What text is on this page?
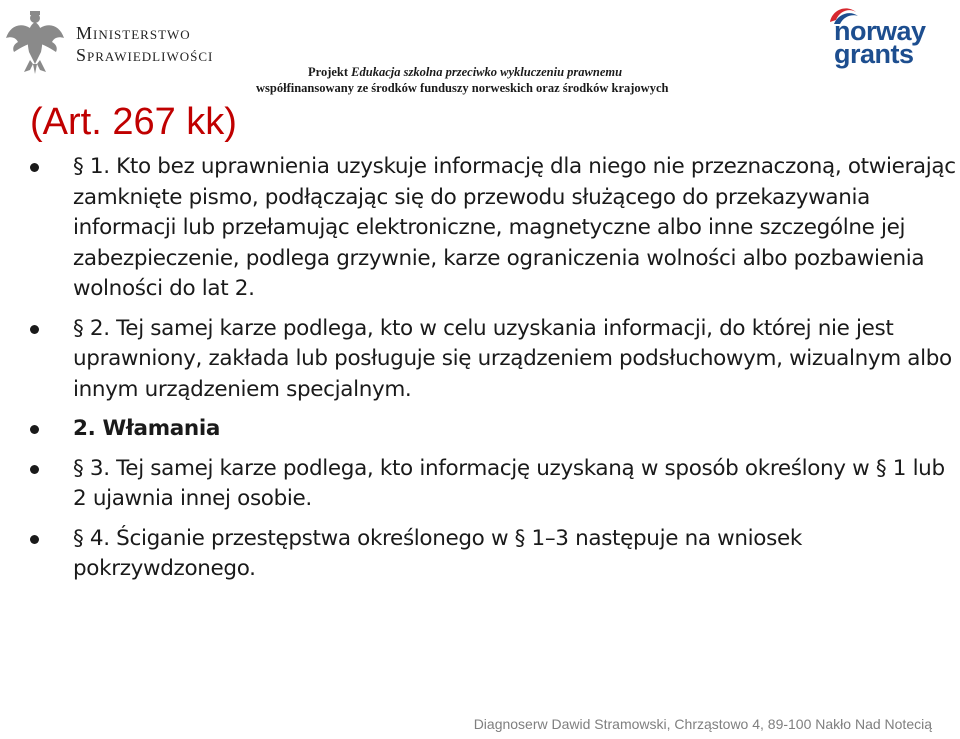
Ministerstwo
Sprawiedliwości
Projekt Edukacja szkolna przeciwko wykluczeniu prawnemu
współfinansowany ze środków funduszy norweskich oraz środków krajowych
norway
grants
(Art. 267 kk)
§ 1. Kto bez uprawnienia uzyskuje informację dla niego nie przeznaczoną, otwierając zamknięte pismo, podłączając się do przewodu służącego do przekazywania informacji lub przełamując elektroniczne, magnetyczne albo inne szczególne jej zabezpieczenie, podlega grzywnie, karze ograniczenia wolności albo pozbawienia wolności do lat 2.
§ 2. Tej samej karze podlega, kto w celu uzyskania informacji, do której nie jest uprawniony, zakłada lub posługuje się urządzeniem podsłuchowym, wizualnym albo innym urządzeniem specjalnym.
2. Włamania
§ 3. Tej samej karze podlega, kto informację uzyskaną w sposób określony w § 1 lub 2 ujawnia innej osobie.
§ 4. Ściganie przestępstwa określonego w § 1–3 następuje na wniosek pokrzywdzonego.
Diagnoserw Dawid Stramowski, Chrząstowo 4, 89-100 Nakło Nad Notecią
